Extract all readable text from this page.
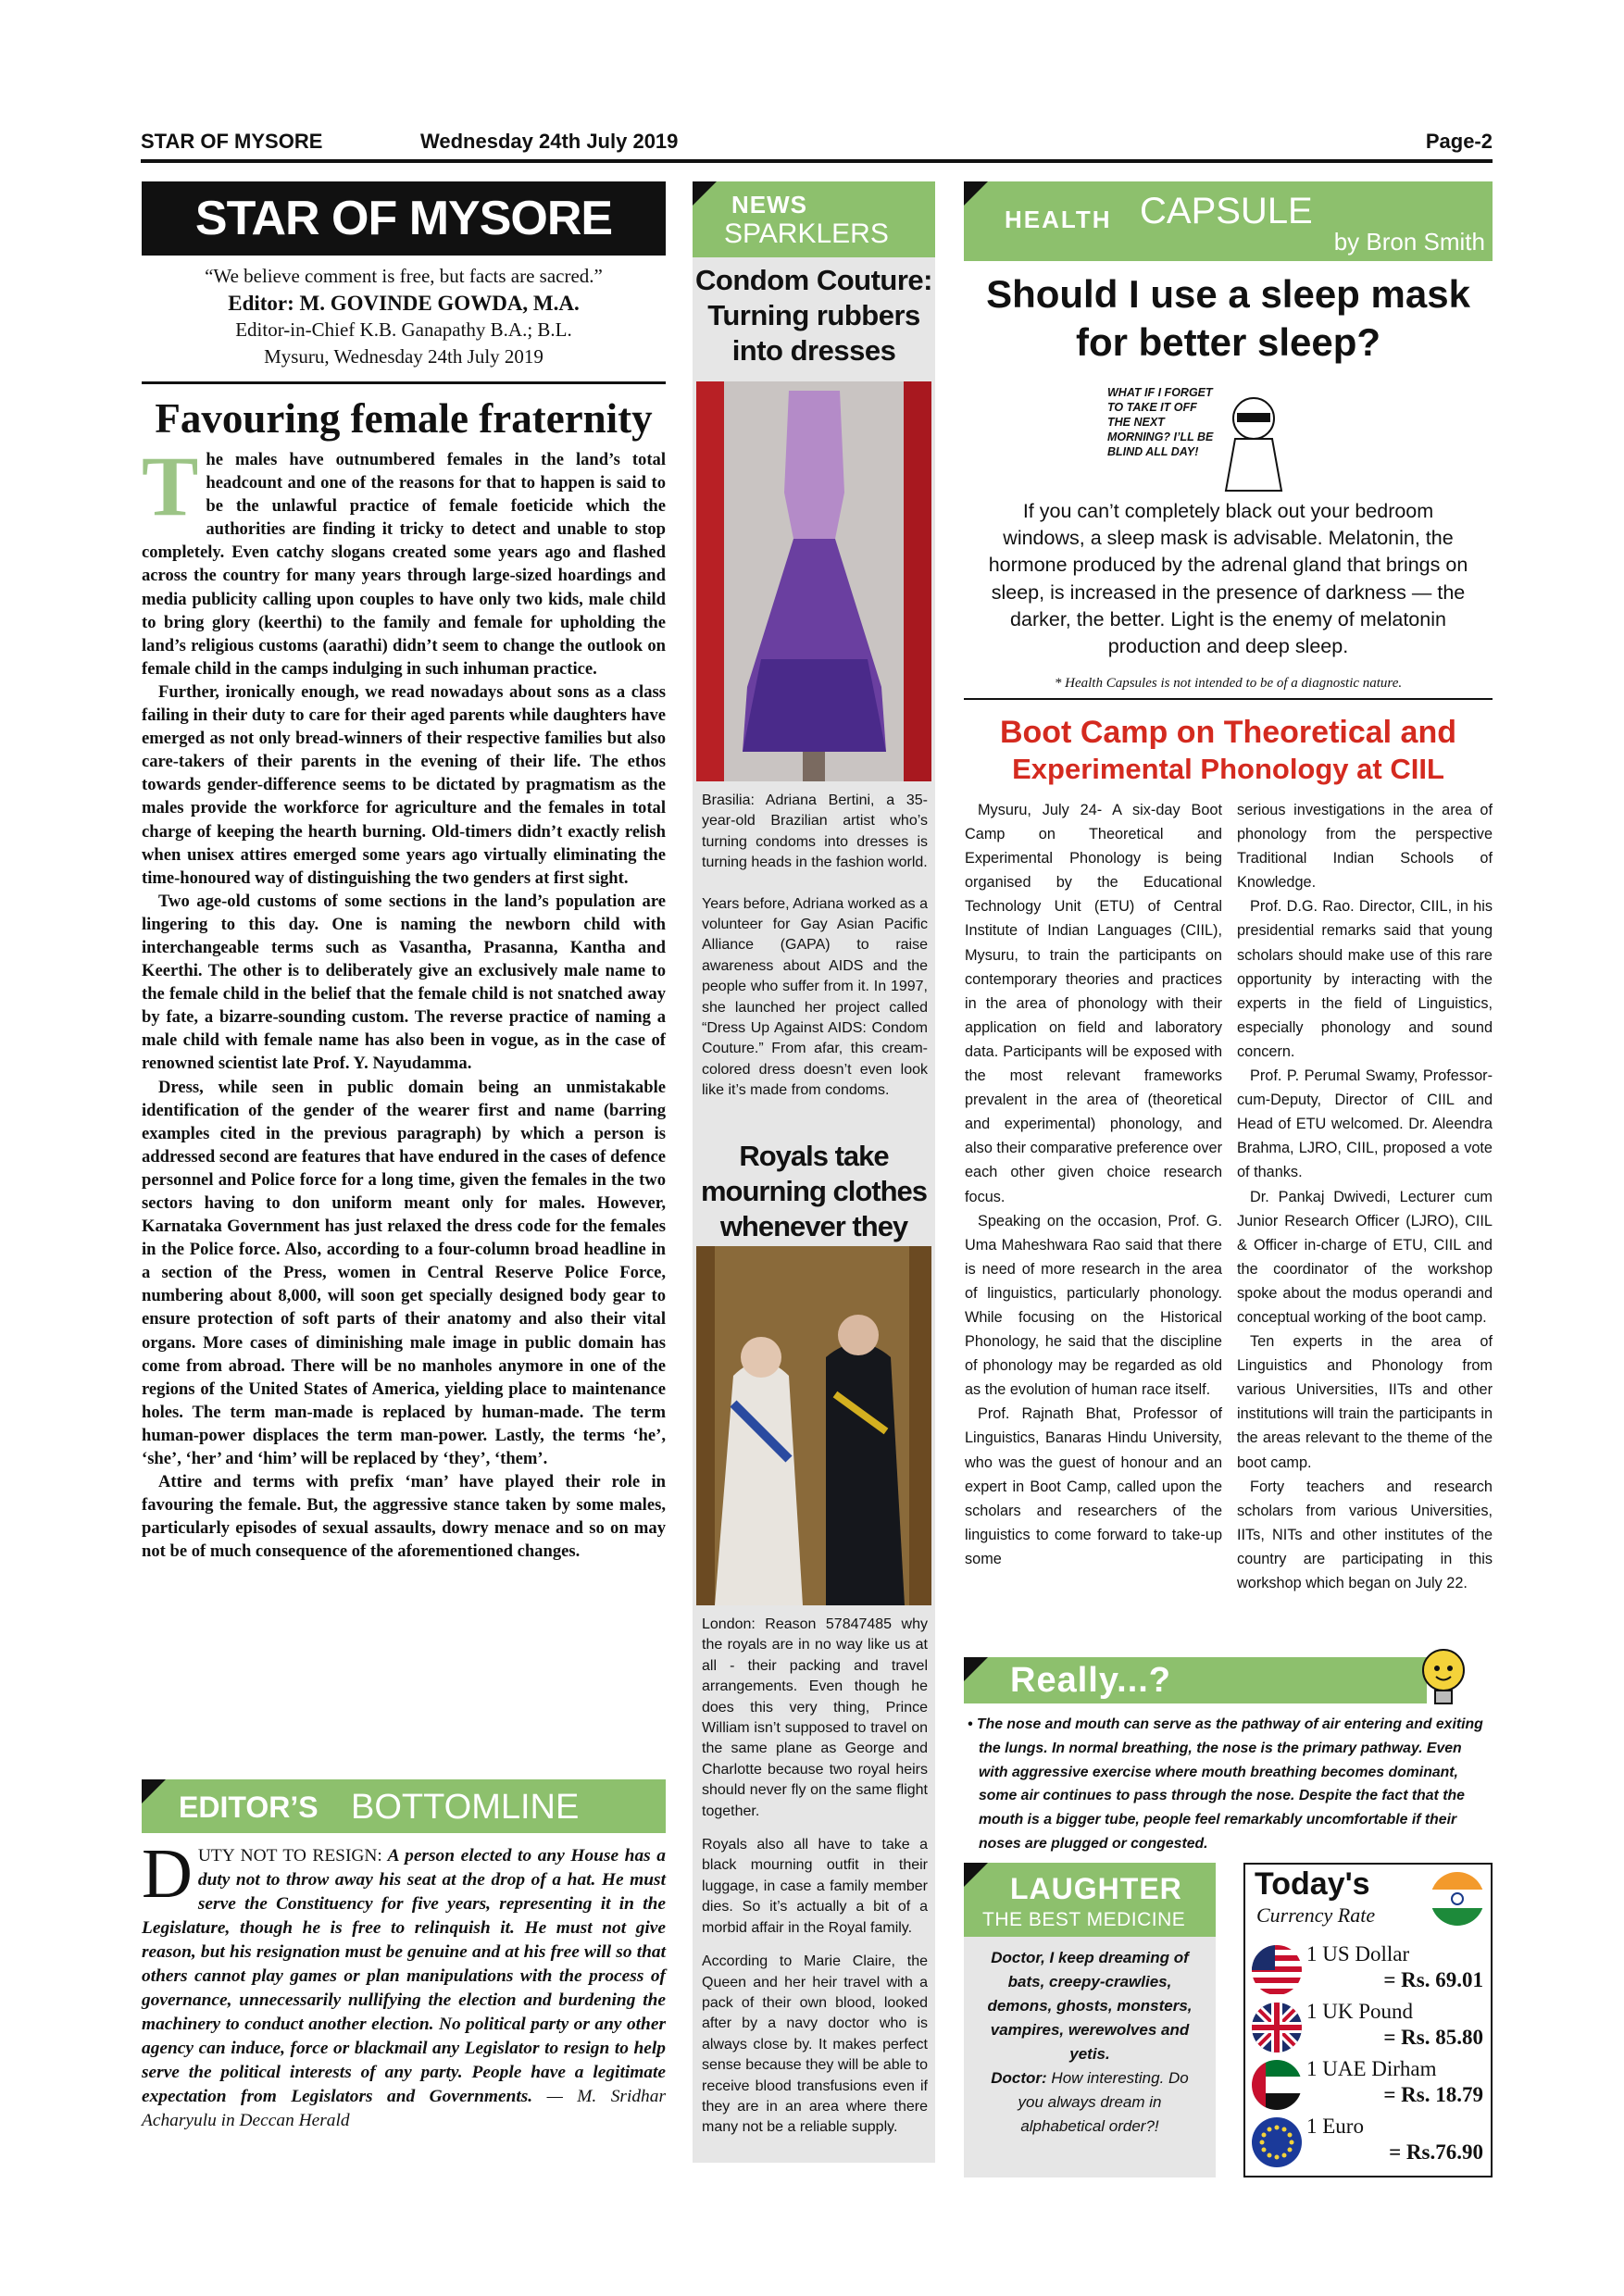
STAR OF MYSORE	Wednesday 24th July 2019	Page-2
STAR OF MYSORE
“We believe comment is free, but facts are sacred.”
Editor: M. GOVINDE GOWDA, M.A.
Editor-in-Chief K.B. Ganapathy B.A.; B.L.
Mysuru, Wednesday 24th July 2019
Favouring female fraternity

The males have outnumbered females in the land’s total headcount and one of the reasons for that to happen is said to be the unlawful practice of female foeticide which the authorities are finding it tricky to detect and unable to stop completely. Even catchy slogans created some years ago and flashed across the country for many years through large-sized hoardings and media publicity calling upon couples to have only two kids, male child to bring glory (keerthi) to the family and female for upholding the land’s religious customs (aarathi) didn’t seem to change the outlook on female child in the camps indulging in such inhuman practice.

Further, ironically enough, we read nowadays about sons as a class failing in their duty to care for their aged parents while daughters have emerged as not only bread-winners of their respective families but also care-takers of their parents in the evening of their life. The ethos towards gender-difference seems to be dictated by pragmatism as the males provide the workforce for agriculture and the females in total charge of keeping the hearth burning. Old-timers didn’t exactly relish when unisex attires emerged some years ago virtually eliminating the time-honoured way of distinguishing the two genders at first sight.

Two age-old customs of some sections in the land’s population are lingering to this day. One is naming the newborn child with interchangeable terms such as Vasantha, Prasanna, Kantha and Keerthi. The other is to deliberately give an exclusively male name to the female child in the belief that the female child is not snatched away by fate, a bizarre-sounding custom. The reverse practice of naming a male child with female name has also been in vogue, as in the case of renowned scientist late Prof. Y. Nayudamma.

Dress, while seen in public domain being an unmistakable identification of the gender of the wearer first and name (barring examples cited in the previous paragraph) by which a person is addressed second are features that have endured in the cases of defence personnel and Police force for a long time, given the females in the two sectors having to don uniform meant only for males. However, Karnataka Government has just relaxed the dress code for the females in the Police force. Also, according to a four-column broad headline in a section of the Press, women in Central Reserve Police Force, numbering about 8,000, will soon get specially designed body gear to ensure protection of soft parts of their anatomy and also their vital organs. More cases of diminishing male image in public domain has come from abroad. There will be no manholes anymore in one of the regions of the United States of America, yielding place to maintenance holes. The term man-made is replaced by human-made. The term human-power displaces the term man-power. Lastly, the terms ‘he’, ‘she’, ‘her’ and ‘him’ will be replaced by ‘they’, ‘them’.

Attire and terms with prefix ‘man’ have played their role in favouring the female. But, the aggressive stance taken by some males, particularly episodes of sexual assaults, dowry menace and so on may not be of much consequence of the aforementioned changes.

EDITOR’S BOTTOMLINE
DUTY NOT TO RESIGN: A person elected to any House has a duty not to throw away his seat at the drop of a hat. He must serve the Constituency for five years, representing it in the Legislature, though he is free to relinquish it. He must not give reason, but his resignation must be genuine and at his free will so that others cannot play games or plan manipulations with the process of governance, unnecessarily nullifying the election and burdening the machinery to conduct another election. No political party or any other agency can induce, force or blackmail any Legislator to resign to help serve the political interests of any party. People have a legitimate expectation from Legislators and Governments. — M. Sridhar Acharyulu in Deccan Herald
NEWS
SPARKLERS
Condom Couture: Turning rubbers into dresses

Brasilia: Adriana Bertini, a 35-year-old Brazilian artist who’s turning condoms into dresses is turning heads in the fashion world.

Years before, Adriana worked as a volunteer for Gay Asian Pacific Alliance (GAPA) to raise awareness about AIDS and the people who suffer from it. In 1997, she launched her project called “Dress Up Against AIDS: Condom Couture.” From afar, this cream-colored dress doesn’t even look like it’s made from condoms.

Royals take mourning clothes whenever they

London: Reason 57847485 why the royals are in no way like us at all - their packing and travel arrangements. Even though he does this very thing, Prince William isn’t supposed to travel on the same plane as George and Charlotte because two royal heirs should never fly on the same flight together.

Royals also all have to take a black mourning outfit in their luggage, in case a family member dies. So it’s actually a bit of a morbid affair in the Royal family.

According to Marie Claire, the Queen and her heir travel with a pack of their own blood, looked after by a navy doctor who is always close by. It makes perfect sense because they will be able to receive blood transfusions even if they are in an area where there many not be a reliable supply.

HEALTH CAPSULE
by Bron Smith
Should I use a sleep mask for better sleep?
WHAT IF I FORGET TO TAKE IT OFF THE NEXT MORNING? I’LL BE BLIND ALL DAY!
If you can’t completely black out your bedroom windows, a sleep mask is advisable. Melatonin, the hormone produced by the adrenal gland that brings on sleep, is increased in the presence of darkness — the darker, the better. Light is the enemy of melatonin production and deep sleep.
* Health Capsules is not intended to be of a diagnostic nature.
Boot Camp on Theoretical and
Experimental Phonology at CIIL

Mysuru, July 24- A six-day Boot Camp on Theoretical and Experimental Phonology is being organised by the Educational Technology Unit (ETU) of Central Institute of Indian Languages (CIIL), Mysuru, to train the participants on contemporary theories and practices in the area of phonology with their application on field and laboratory data. Participants will be exposed with the most relevant frameworks prevalent in the area of (theoretical and experimental) phonology, and also their comparative preference over each other given choice research focus.

Speaking on the occasion, Prof. G. Uma Maheshwara Rao said that there is need of more research in the area of linguistics, particularly phonology. While focusing on the Historical Phonology, he said that the discipline of phonology may be regarded as old as the evolution of human race itself.

Prof. Rajnath Bhat, Professor of Linguistics, Banaras Hindu University, who was the guest of honour and an expert in Boot Camp, called upon the scholars and researchers of the linguistics to come forward to take-up some

serious investigations in the area of phonology from the perspective Traditional Indian Schools of Knowledge.

Prof. D.G. Rao. Director, CIIL, in his presidential remarks said that young scholars should make use of this rare opportunity by interacting with the experts in the field of Linguistics, especially phonology and sound concern.

Prof. P. Perumal Swamy, Professor-cum-Deputy, Director of CIIL and Head of ETU welcomed. Dr. Aleendra Brahma, LJRO, CIIL, proposed a vote of thanks.

Dr. Pankaj Dwivedi, Lecturer cum Junior Research Officer (LJRO), CIIL & Officer in-charge of ETU, CIIL and the coordinator of the workshop spoke about the modus operandi and conceptual working of the boot camp.

Ten experts in the area of Linguistics and Phonology from various Universities, IITs and other institutions will train the participants in the areas relevant to the theme of the boot camp.

Forty teachers and research scholars from various Universities, IITs, NITs and other institutes of the country are participating in this workshop which began on July 22.

Really...?
• The nose and mouth can serve as the pathway of air entering and exiting the lungs. In normal breathing, the nose is the primary pathway. Even with aggressive exercise where mouth breathing becomes dominant, some air continues to pass through the nose. Despite the fact that the mouth is a bigger tube, people feel remarkably uncomfortable if their noses are plugged or congested.
LAUGHTER
THE BEST MEDICINE

Doctor, I keep dreaming of bats, creepy-crawlies, demons, ghosts, monsters, vampires, werewolves and yetis.

Doctor: How interesting. Do you always dream in alphabetical order?!

Today's
Currency Rate
1 US Dollar
= Rs. 69.01
1 UK Pound
= Rs. 85.80
1 UAE Dirham
= Rs. 18.79
1 Euro
= Rs.76.90
